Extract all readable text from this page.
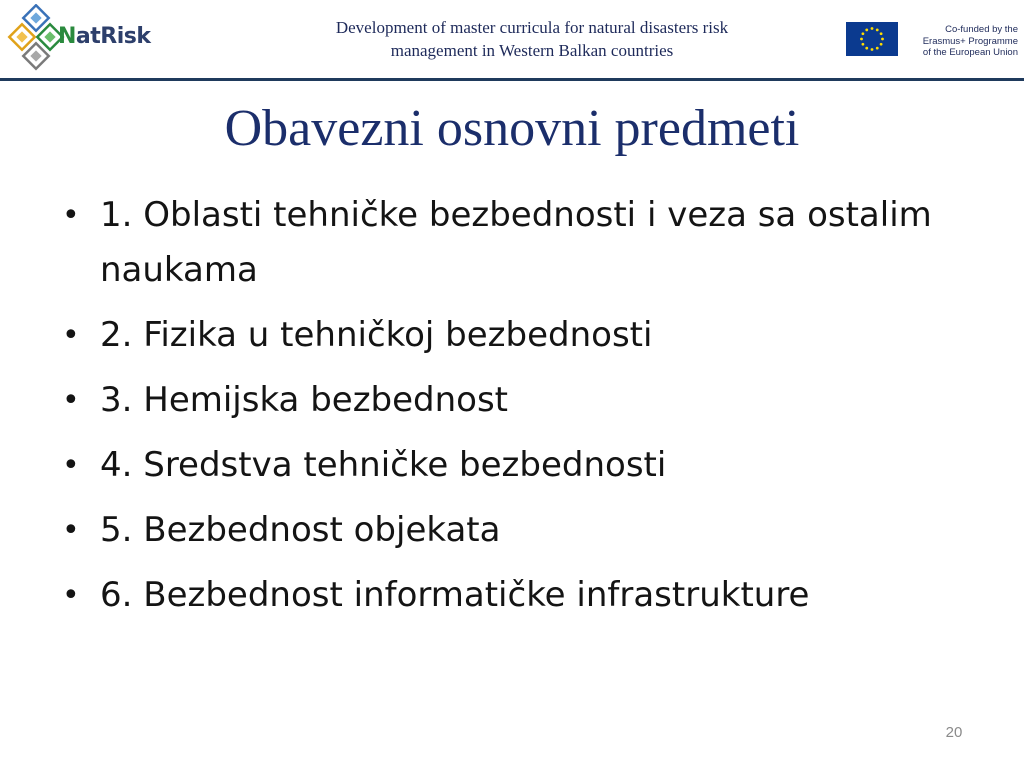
NatRisk	Development of master curricula for natural disasters risk
management in Western Balkan countries
Co-funded by the
Erasmus+ Programme
of the European Union
Obavezni osnovni predmeti
• 1. Oblasti tehničke bezbednosti i veza sa ostalim naukama
• 2. Fizika u tehničkoj bezbednosti
• 3. Hemijska bezbednost
• 4. Sredstva tehničke bezbednosti
• 5. Bezbednost objekata
• 6. Bezbednost informatičke infrastrukture
20
